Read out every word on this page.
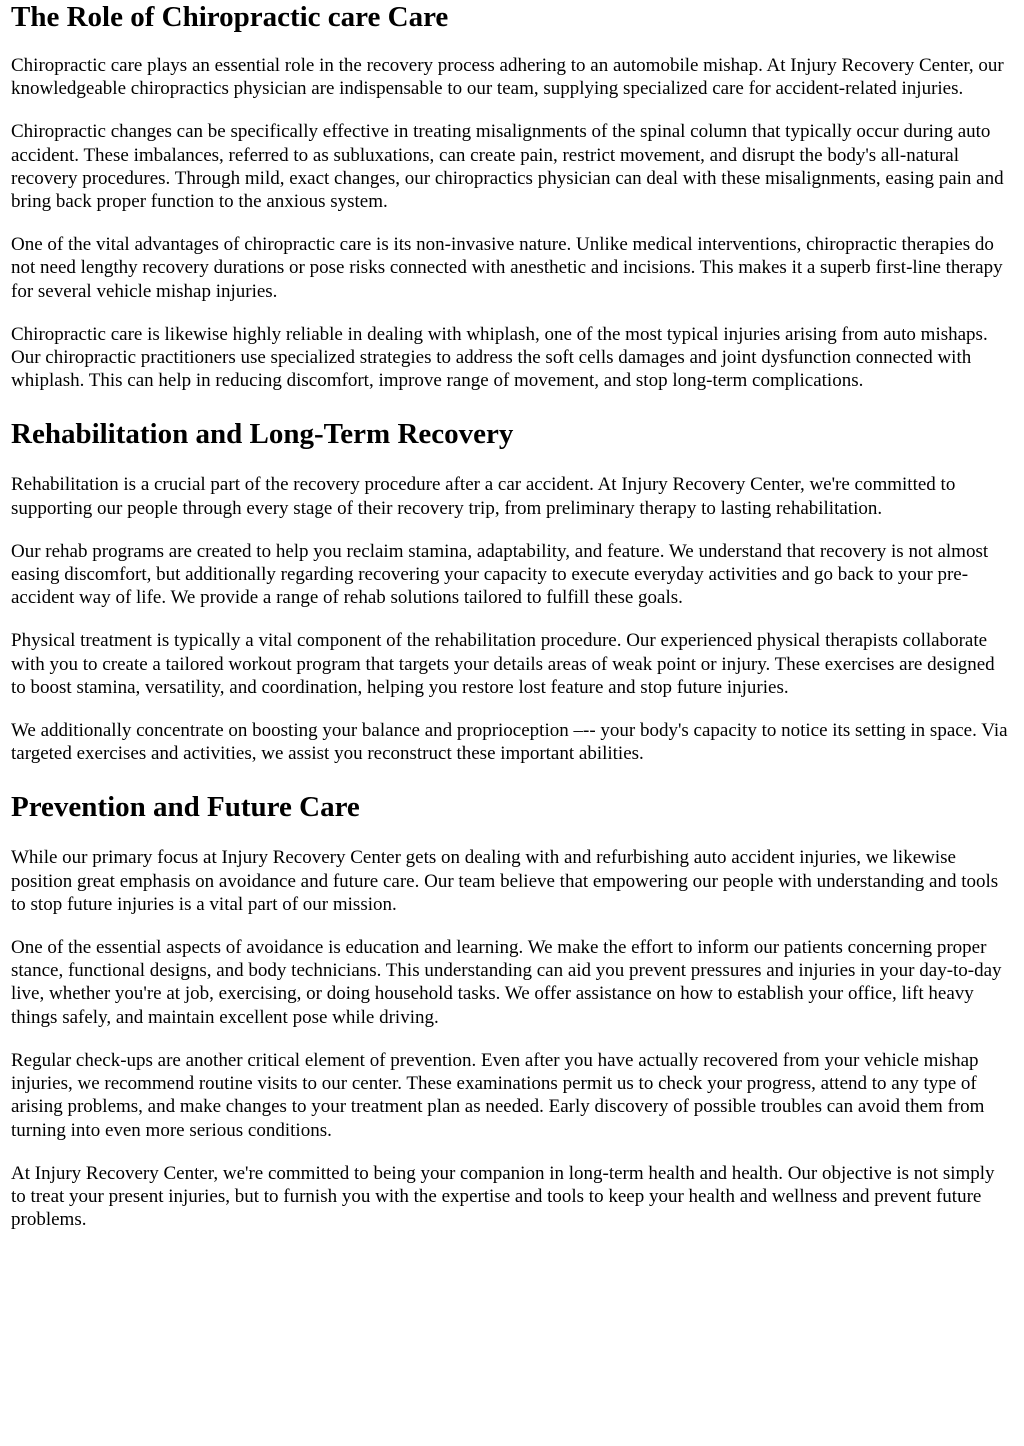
The Role of Chiropractic care Care

Chiropractic care plays an essential role in the recovery process adhering to an automobile mishap. At Injury Recovery Center, our knowledgeable chiropractics physician are indispensable to our team, supplying specialized care for accident-related injuries.

Chiropractic changes can be specifically effective in treating misalignments of the spinal column that typically occur during auto accident. These imbalances, referred to as subluxations, can create pain, restrict movement, and disrupt the body's all-natural recovery procedures. Through mild, exact changes, our chiropractics physician can deal with these misalignments, easing pain and bring back proper function to the anxious system.

One of the vital advantages of chiropractic care is its non-invasive nature. Unlike medical interventions, chiropractic therapies do not need lengthy recovery durations or pose risks connected with anesthetic and incisions. This makes it a superb first-line therapy for several vehicle mishap injuries.

Chiropractic care is likewise highly reliable in dealing with whiplash, one of the most typical injuries arising from auto mishaps. Our chiropractic practitioners use specialized strategies to address the soft cells damages and joint dysfunction connected with whiplash. This can help in reducing discomfort, improve range of movement, and stop long-term complications.

Rehabilitation and Long-Term Recovery

Rehabilitation is a crucial part of the recovery procedure after a car accident. At Injury Recovery Center, we're committed to supporting our people through every stage of their recovery trip, from preliminary therapy to lasting rehabilitation.

Our rehab programs are created to help you reclaim stamina, adaptability, and feature. We understand that recovery is not almost easing discomfort, but additionally regarding recovering your capacity to execute everyday activities and go back to your pre-accident way of life. We provide a range of rehab solutions tailored to fulfill these goals.

Physical treatment is typically a vital component of the rehabilitation procedure. Our experienced physical therapists collaborate with you to create a tailored workout program that targets your details areas of weak point or injury. These exercises are designed to boost stamina, versatility, and coordination, helping you restore lost feature and stop future injuries.

We additionally concentrate on boosting your balance and proprioception –-- your body's capacity to notice its setting in space. Via targeted exercises and activities, we assist you reconstruct these important abilities.

Prevention and Future Care

While our primary focus at Injury Recovery Center gets on dealing with and refurbishing auto accident injuries, we likewise position great emphasis on avoidance and future care. Our team believe that empowering our people with understanding and tools to stop future injuries is a vital part of our mission.

One of the essential aspects of avoidance is education and learning. We make the effort to inform our patients concerning proper stance, functional designs, and body technicians. This understanding can aid you prevent pressures and injuries in your day-to-day live, whether you're at job, exercising, or doing household tasks. We offer assistance on how to establish your office, lift heavy things safely, and maintain excellent pose while driving.

Regular check-ups are another critical element of prevention. Even after you have actually recovered from your vehicle mishap injuries, we recommend routine visits to our center. These examinations permit us to check your progress, attend to any type of arising problems, and make changes to your treatment plan as needed. Early discovery of possible troubles can avoid them from turning into even more serious conditions.

At Injury Recovery Center, we're committed to being your companion in long-term health and health. Our objective is not simply to treat your present injuries, but to furnish you with the expertise and tools to keep your health and wellness and prevent future problems.
